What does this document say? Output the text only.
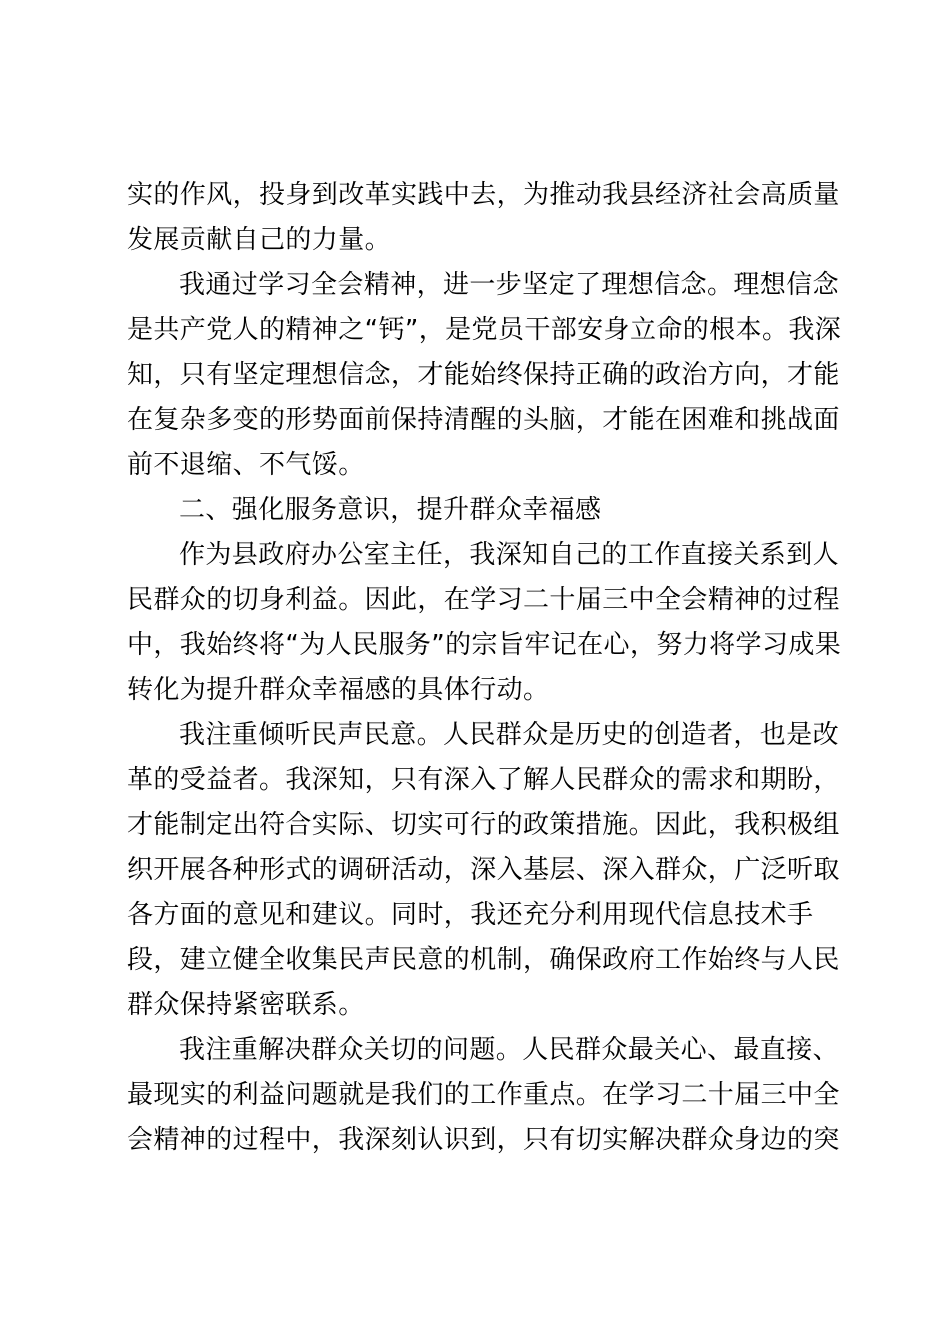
实的作风，投身到改革实践中去，为推动我县经济社会高质量
发展贡献自己的力量。
我通过学习全会精神，进一步坚定了理想信念。理想信念
是共产党人的精神之“钙”，是党员干部安身立命的根本。我深
知，只有坚定理想信念，才能始终保持正确的政治方向，才能
在复杂多变的形势面前保持清醒的头脑，才能在困难和挑战面
前不退缩、不气馁。
二、强化服务意识，提升群众幸福感
作为县政府办公室主任，我深知自己的工作直接关系到人
民群众的切身利益。因此，在学习二十届三中全会精神的过程
中，我始终将“为人民服务”的宗旨牢记在心，努力将学习成果
转化为提升群众幸福感的具体行动。
我注重倾听民声民意。人民群众是历史的创造者，也是改
革的受益者。我深知，只有深入了解人民群众的需求和期盼，
才能制定出符合实际、切实可行的政策措施。因此，我积极组
织开展各种形式的调研活动，深入基层、深入群众，广泛听取
各方面的意见和建议。同时，我还充分利用现代信息技术手
段，建立健全收集民声民意的机制，确保政府工作始终与人民
群众保持紧密联系。
我注重解决群众关切的问题。人民群众最关心、最直接、
最现实的利益问题就是我们的工作重点。在学习二十届三中全
会精神的过程中，我深刻认识到，只有切实解决群众身边的突
